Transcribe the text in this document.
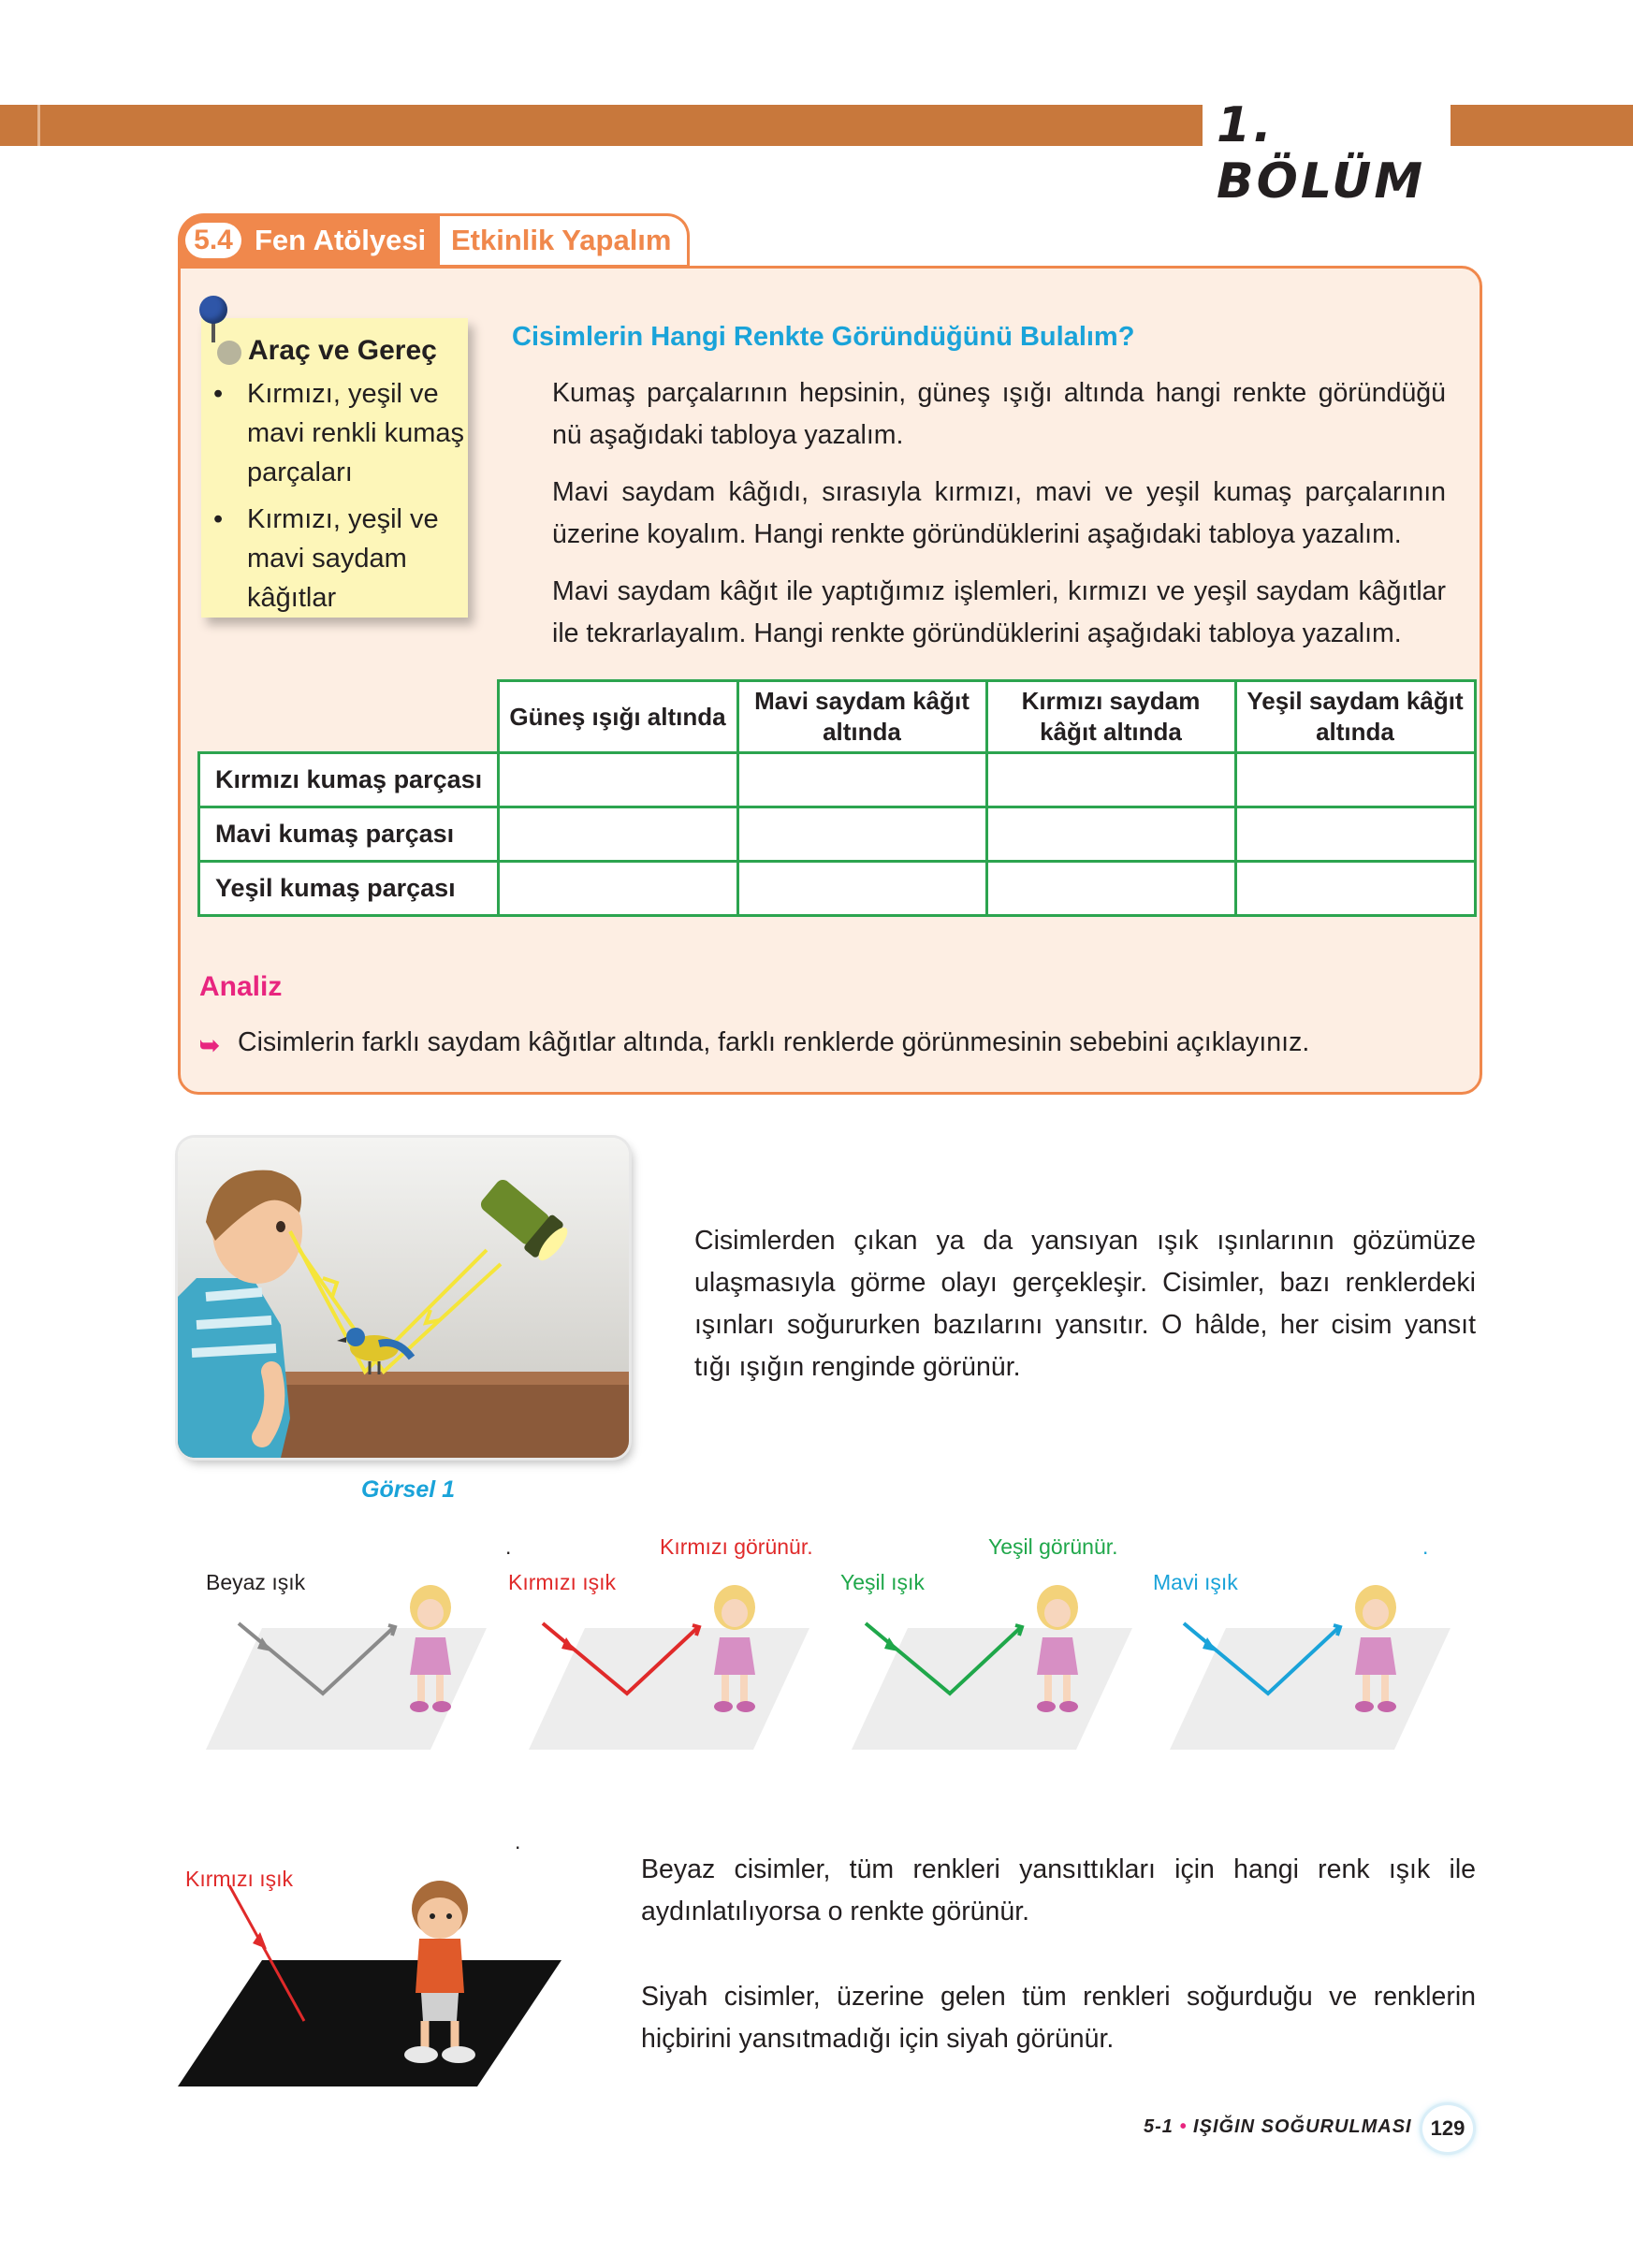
1. BÖLÜM
5.4 Fen Atölyesi Etkinlik Yapalım
Araç ve Gereç
• Kırmızı, yeşil ve mavi renkli kumaş parçaları
• Kırmızı, yeşil ve mavi saydam kâğıtlar
Cisimlerin Hangi Renkte Göründüğünü Bulalım?
Kumaş parçalarının hepsinin, güneş ışığı altında hangi renkte göründüğü nü aşağıdaki tabloya yazalım.
Mavi saydam kâğıdı, sırasıyla kırmızı, mavi ve yeşil kumaş parçalarının üzerine koyalım. Hangi renkte göründüklerini aşağıdaki tabloya yazalım.
Mavi saydam kâğıt ile yaptığımız işlemleri, kırmızı ve yeşil saydam kâğıtlar ile tekrarlayalım. Hangi renkte göründüklerini aşağıdaki tabloya yazalım.
	Güneş ışığı altında	Mavi saydam kâğıt altında	Kırmızı saydam kâğıt altında	Yeşil saydam kâğıt altında
Kırmızı kumaş parçası				
Mavi kumaş parçası				
Yeşil kumaş parçası				
Analiz
➥ Cisimlerin farklı saydam kâğıtlar altında, farklı renklerde görünmesinin sebebini açıklayınız.
Görsel 1
Cisimlerden çıkan ya da yansıyan ışık ışınlarının gözümüze ulaşmasıyla görme olayı gerçekleşir. Cisimler, bazı renklerdeki ışınları soğururken bazılarını yansıtır. O hâlde, her cisim yansıt tığı ışığın renginde görünür.
Beyaz ışık
.
Kırmızı ışık
Kırmızı görünür.
Yeşil ışık
Yeşil görünür.
Mavi ışık
.
Kırmızı ışık
.
Beyaz cisimler, tüm renkleri yansıttıkları için hangi renk ışık ile aydınlatılıyorsa o renkte görünür.
Siyah cisimler, üzerine gelen tüm renkleri soğurduğu ve renklerin hiçbirini yansıtmadığı için siyah görünür.
5-1 • IŞIĞIN SOĞURULMASI 129
